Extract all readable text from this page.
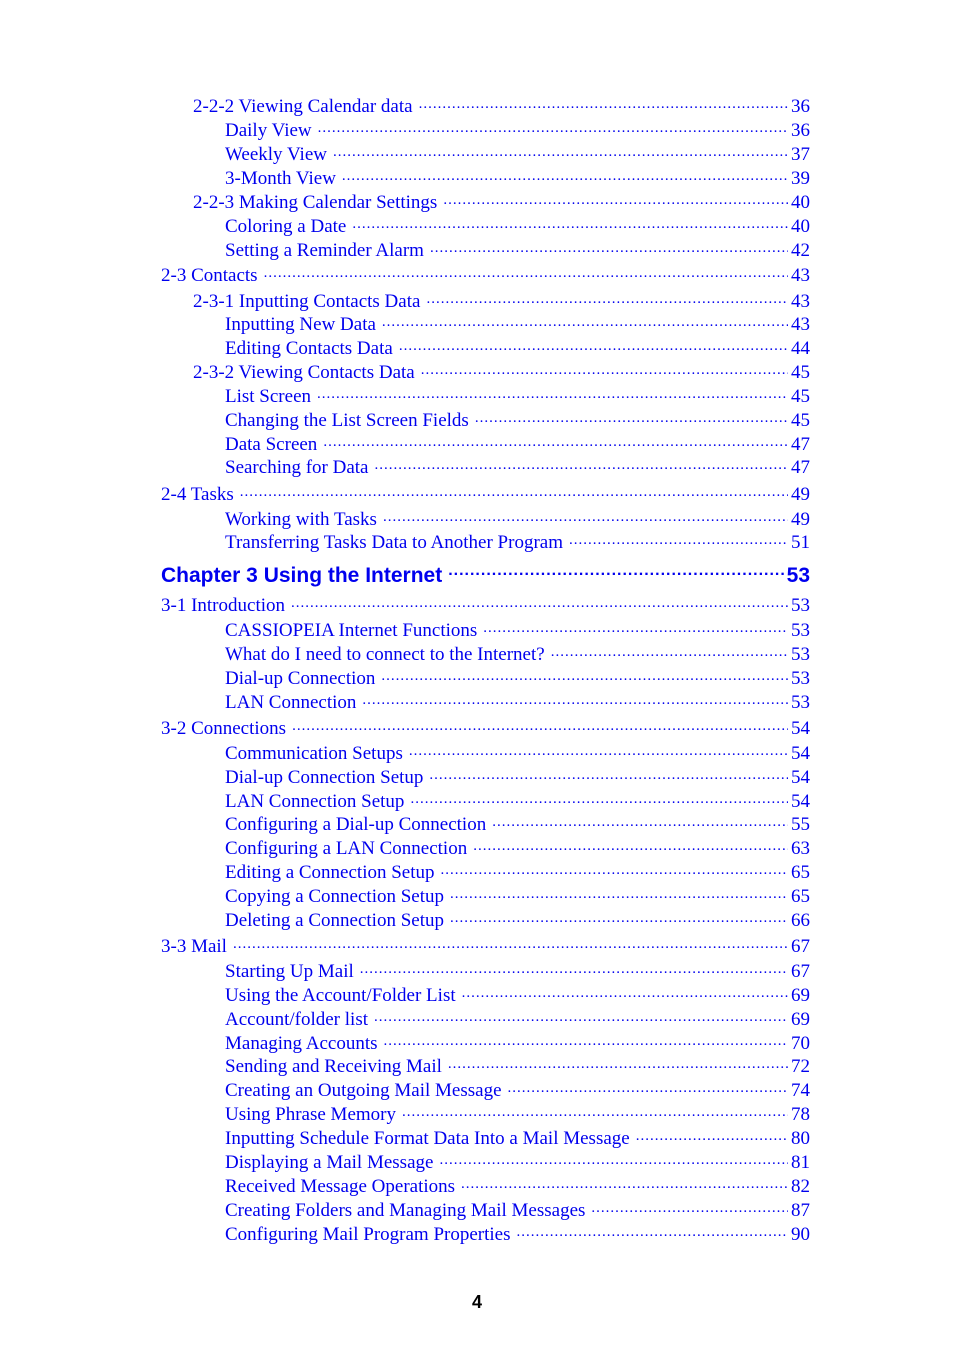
2-2-2 Viewing Calendar data .....	36
Daily View .....	36
Weekly View .....	37
3-Month View .....	39
2-2-3 Making Calendar Settings .....	40
Coloring a Date .....	40
Setting a Reminder Alarm .....	42
2-3 Contacts .....	43
2-3-1 Inputting Contacts Data .....	43
Inputting New Data .....	43
Editing Contacts Data .....	44
2-3-2 Viewing Contacts Data .....	45
List Screen .....	45
Changing the List Screen Fields .....	45
Data Screen .....	47
Searching for Data .....	47
2-4 Tasks .....	49
Working with Tasks .....	49
Transferring Tasks Data to Another Program .....	51
Chapter 3 Using the Internet .....	53
3-1 Introduction .....	53
CASSIOPEIA Internet Functions .....	53
What do I need to connect to the Internet? .....	53
Dial-up Connection .....	53
LAN Connection .....	53
3-2 Connections .....	54
Communication Setups .....	54
Dial-up Connection Setup .....	54
LAN Connection Setup .....	54
Configuring a Dial-up Connection .....	55
Configuring a LAN Connection .....	63
Editing a Connection Setup .....	65
Copying a Connection Setup .....	65
Deleting a Connection Setup .....	66
3-3 Mail .....	67
Starting Up Mail .....	67
Using the Account/Folder List .....	69
Account/folder list .....	69
Managing Accounts .....	70
Sending and Receiving Mail .....	72
Creating an Outgoing Mail Message .....	74
Using Phrase Memory .....	78
Inputting Schedule Format Data Into a Mail Message .....	80
Displaying a Mail Message .....	81
Received Message Operations .....	82
Creating Folders and Managing Mail Messages .....	87
Configuring Mail Program Properties .....	90
4
